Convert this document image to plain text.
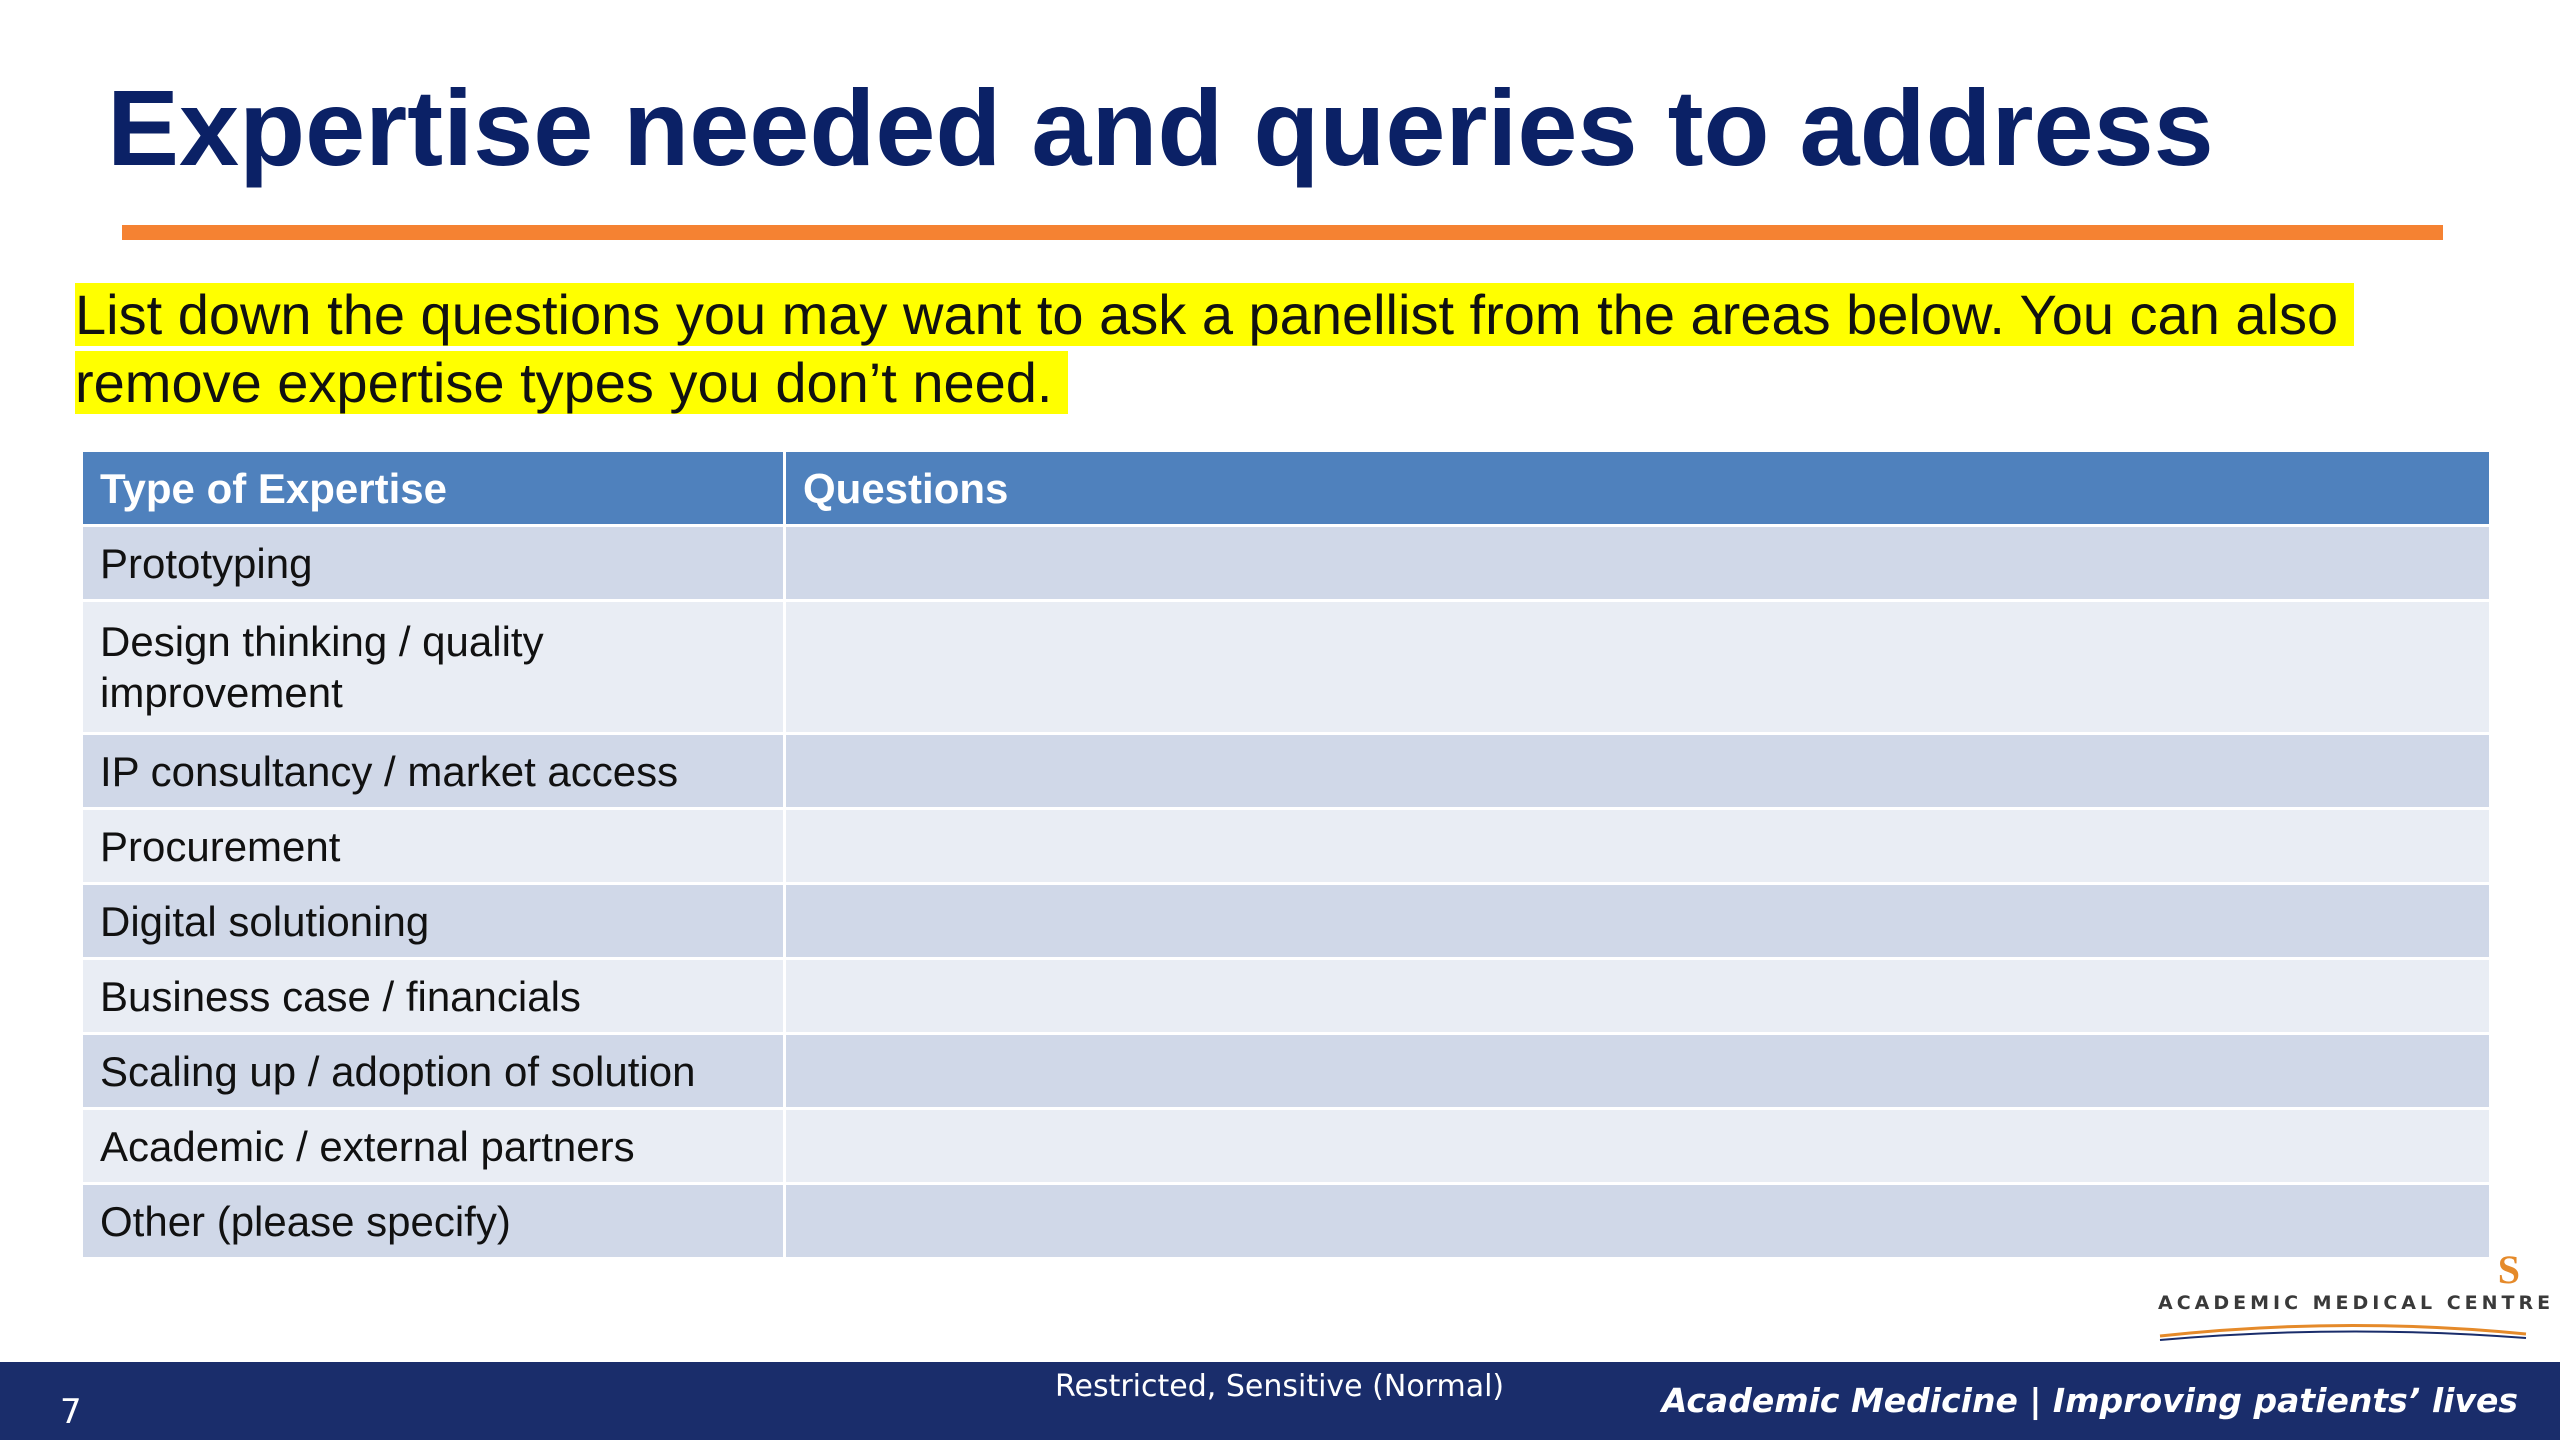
Expertise needed and queries to address

List down the questions you may want to ask a panellist from the areas below. You can also remove expertise types you don’t need.

Type of Expertise	Questions
Prototyping	
Design thinking / quality improvement	
IP consultancy / market access	
Procurement	
Digital solutioning	
Business case / financials	
Scaling up / adoption of solution	
Academic / external partners	
Other (please specify)	
S
ACADEMIC MEDICAL CENTRE
7
Restricted, Sensitive (Normal)	Academic Medicine | Improving patients’ lives
